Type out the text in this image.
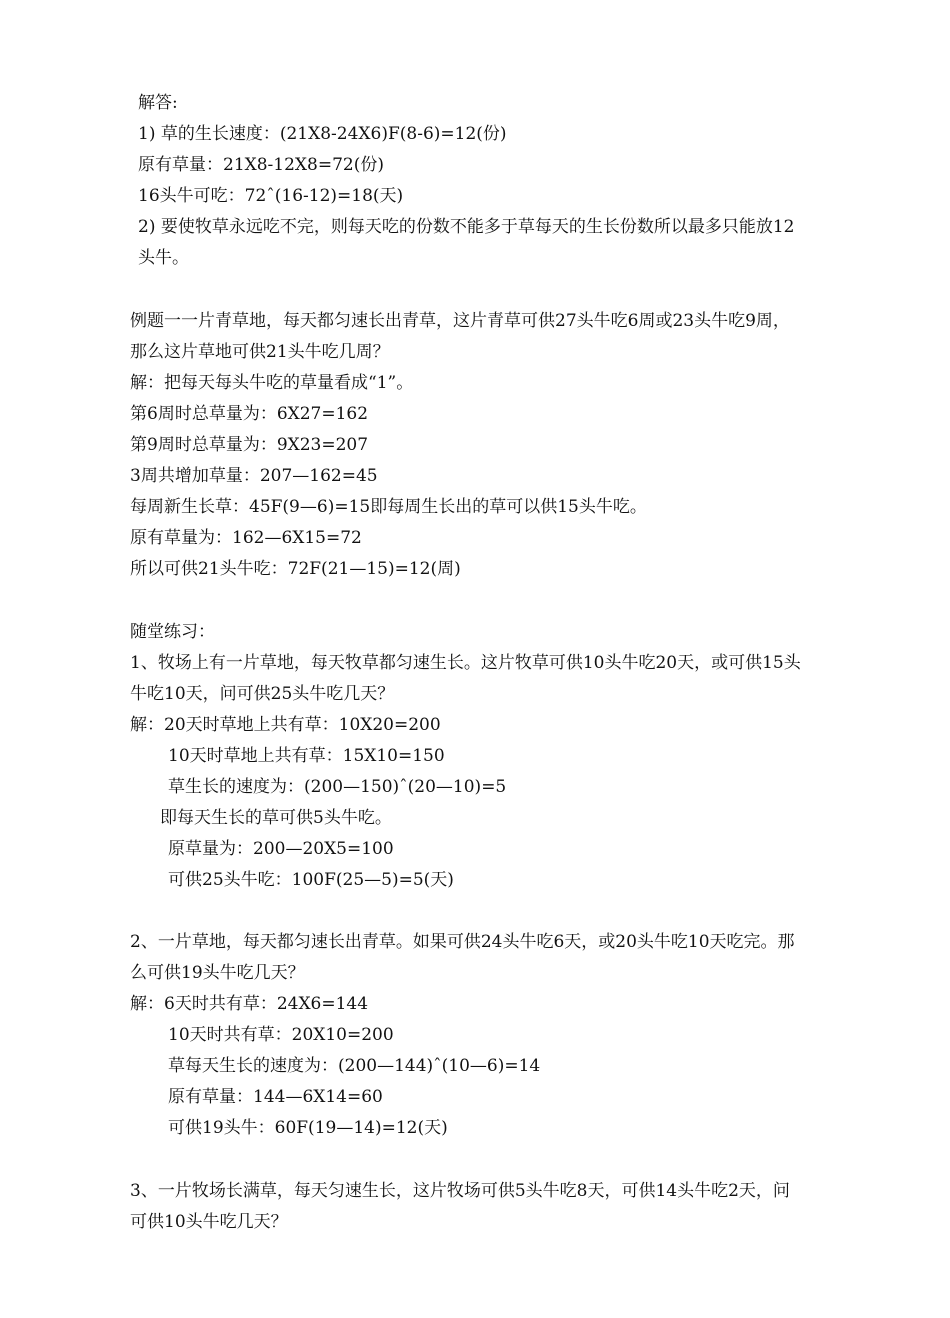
解答:
1) 草的生长速度：(21X8-24X6)F(8-6)=12(份)
原有草量：21X8-12X8=72(份)
16头牛可吃：72ˆ(16-12)=18(天)
2) 要使牧草永远吃不完，则每天吃的份数不能多于草每天的生长份数所以最多只能放12
头牛。
例题一一片青草地，每天都匀速长出青草，这片青草可供27头牛吃6周或23头牛吃9周，
那么这片草地可供21头牛吃几周？
解：把每天每头牛吃的草量看成“1”。
第6周时总草量为：6X27=162
第9周时总草量为：9X23=207
3周共增加草量：207—162=45
每周新生长草：45F(9—6)=15即每周生长出的草可以供15头牛吃。
原有草量为：162—6X15=72
所以可供21头牛吃：72F(21—15)=12(周)
随堂练习：
1、牧场上有一片草地，每天牧草都匀速生长。这片牧草可供10头牛吃20天，或可供15头
牛吃10天，问可供25头牛吃几天？
解：20天时草地上共有草：10X20=200
10天时草地上共有草：15X10=150
草生长的速度为：(200—150)ˆ(20—10)=5
即每天生长的草可供5头牛吃。
原草量为：200—20X5=100
可供25头牛吃：100F(25—5)=5(天)
2、一片草地，每天都匀速长出青草。如果可供24头牛吃6天，或20头牛吃10天吃完。那
么可供19头牛吃几天？
解：6天时共有草：24X6=144
10天时共有草：20X10=200
草每天生长的速度为：(200—144)ˆ(10—6)=14
原有草量：144—6X14=60
可供19头牛：60F(19—14)=12(天)
3、一片牧场长满草，每天匀速生长，这片牧场可供5头牛吃8天，可供14头牛吃2天，问
可供10头牛吃几天？
